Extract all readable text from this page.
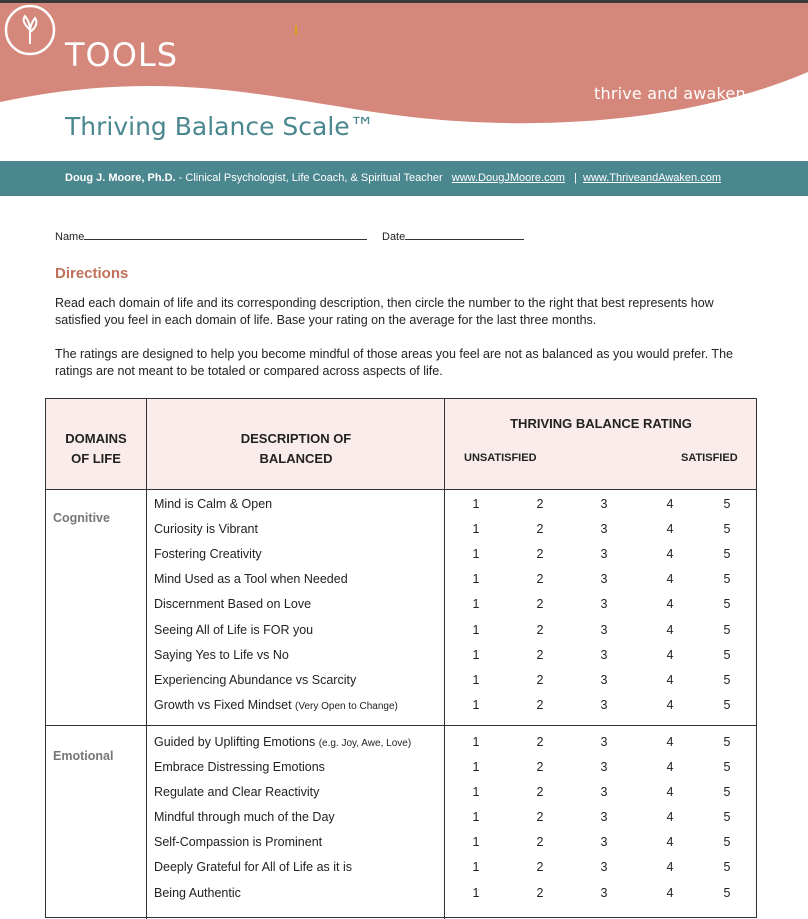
TOOLS
thrive and awaken
Thriving Balance Scale™
Doug J. Moore, Ph.D. - Clinical Psychologist, Life Coach, & Spiritual Teacher www.DougJMoore.com | www.ThriveandAwaken.com
Name	Date
Directions
Read each domain of life and its corresponding description, then circle the number to the right that best represents how satisfied you feel in each domain of life. Base your rating on the average for the last three months.
The ratings are designed to help you become mindful of those areas you feel are not as balanced as you would prefer. The ratings are not meant to be totaled or compared across aspects of life.
DOMAINS
OF LIFE
DESCRIPTION OF
BALANCED
THRIVING BALANCE RATING
UNSATISFIED	SATISFIED
Cognitive
Mind is Calm & Open	1	2	3	4	5
Curiosity is Vibrant	1	2	3	4	5
Fostering Creativity	1	2	3	4	5
Mind Used as a Tool when Needed	1	2	3	4	5
Discernment Based on Love	1	2	3	4	5
Seeing All of Life is FOR you	1	2	3	4	5
Saying Yes to Life vs No	1	2	3	4	5
Experiencing Abundance vs Scarcity	1	2	3	4	5
Growth vs Fixed Mindset (Very Open to Change)	1	2	3	4	5
Emotional
Guided by Uplifting Emotions (e.g. Joy, Awe, Love)	1	2	3	4	5
Embrace Distressing Emotions	1	2	3	4	5
Regulate and Clear Reactivity	1	2	3	4	5
Mindful through much of the Day	1	2	3	4	5
Self-Compassion is Prominent	1	2	3	4	5
Deeply Grateful for All of Life as it is	1	2	3	4	5
Being Authentic	1	2	3	4	5
